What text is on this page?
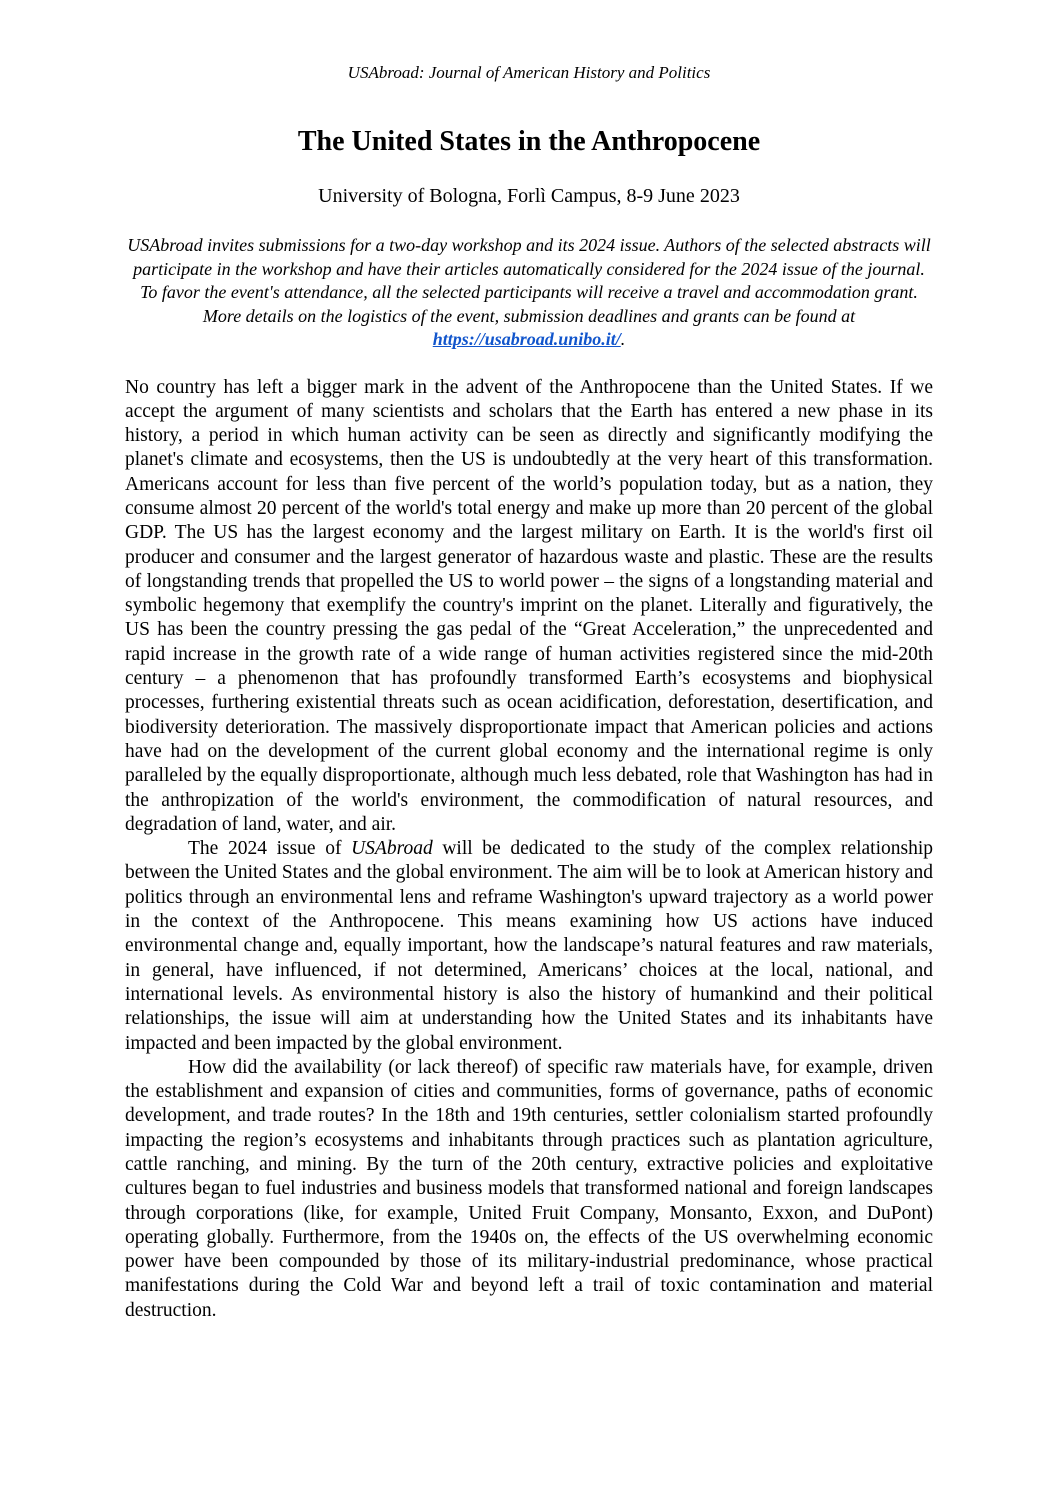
USAbroad: Journal of American History and Politics
The United States in the Anthropocene
University of Bologna, Forlì Campus, 8-9 June 2023

USAbroad invites submissions for a two-day workshop and its 2024 issue. Authors of the selected abstracts will participate in the workshop and have their articles automatically considered for the 2024 issue of the journal. To favor the event's attendance, all the selected participants will receive a travel and accommodation grant. More details on the logistics of the event, submission deadlines and grants can be found at https://usabroad.unibo.it/.

No country has left a bigger mark in the advent of the Anthropocene than the United States. If we accept the argument of many scientists and scholars that the Earth has entered a new phase in its history, a period in which human activity can be seen as directly and significantly modifying the planet's climate and ecosystems, then the US is undoubtedly at the very heart of this transformation. Americans account for less than five percent of the world’s population today, but as a nation, they consume almost 20 percent of the world's total energy and make up more than 20 percent of the global GDP. The US has the largest economy and the largest military on Earth. It is the world's first oil producer and consumer and the largest generator of hazardous waste and plastic. These are the results of longstanding trends that propelled the US to world power – the signs of a longstanding material and symbolic hegemony that exemplify the country's imprint on the planet. Literally and figuratively, the US has been the country pressing the gas pedal of the “Great Acceleration,” the unprecedented and rapid increase in the growth rate of a wide range of human activities registered since the mid-20th century – a phenomenon that has profoundly transformed Earth’s ecosystems and biophysical processes, furthering existential threats such as ocean acidification, deforestation, desertification, and biodiversity deterioration. The massively disproportionate impact that American policies and actions have had on the development of the current global economy and the international regime is only paralleled by the equally disproportionate, although much less debated, role that Washington has had in the anthropization of the world's environment, the commodification of natural resources, and degradation of land, water, and air.

The 2024 issue of USAbroad will be dedicated to the study of the complex relationship between the United States and the global environment. The aim will be to look at American history and politics through an environmental lens and reframe Washington's upward trajectory as a world power in the context of the Anthropocene. This means examining how US actions have induced environmental change and, equally important, how the landscape’s natural features and raw materials, in general, have influenced, if not determined, Americans’ choices at the local, national, and international levels. As environmental history is also the history of humankind and their political relationships, the issue will aim at understanding how the United States and its inhabitants have impacted and been impacted by the global environment.

How did the availability (or lack thereof) of specific raw materials have, for example, driven the establishment and expansion of cities and communities, forms of governance, paths of economic development, and trade routes? In the 18th and 19th centuries, settler colonialism started profoundly impacting the region’s ecosystems and inhabitants through practices such as plantation agriculture, cattle ranching, and mining. By the turn of the 20th century, extractive policies and exploitative cultures began to fuel industries and business models that transformed national and foreign landscapes through corporations (like, for example, United Fruit Company, Monsanto, Exxon, and DuPont) operating globally. Furthermore, from the 1940s on, the effects of the US overwhelming economic power have been compounded by those of its military-industrial predominance, whose practical manifestations during the Cold War and beyond left a trail of toxic contamination and material destruction.
